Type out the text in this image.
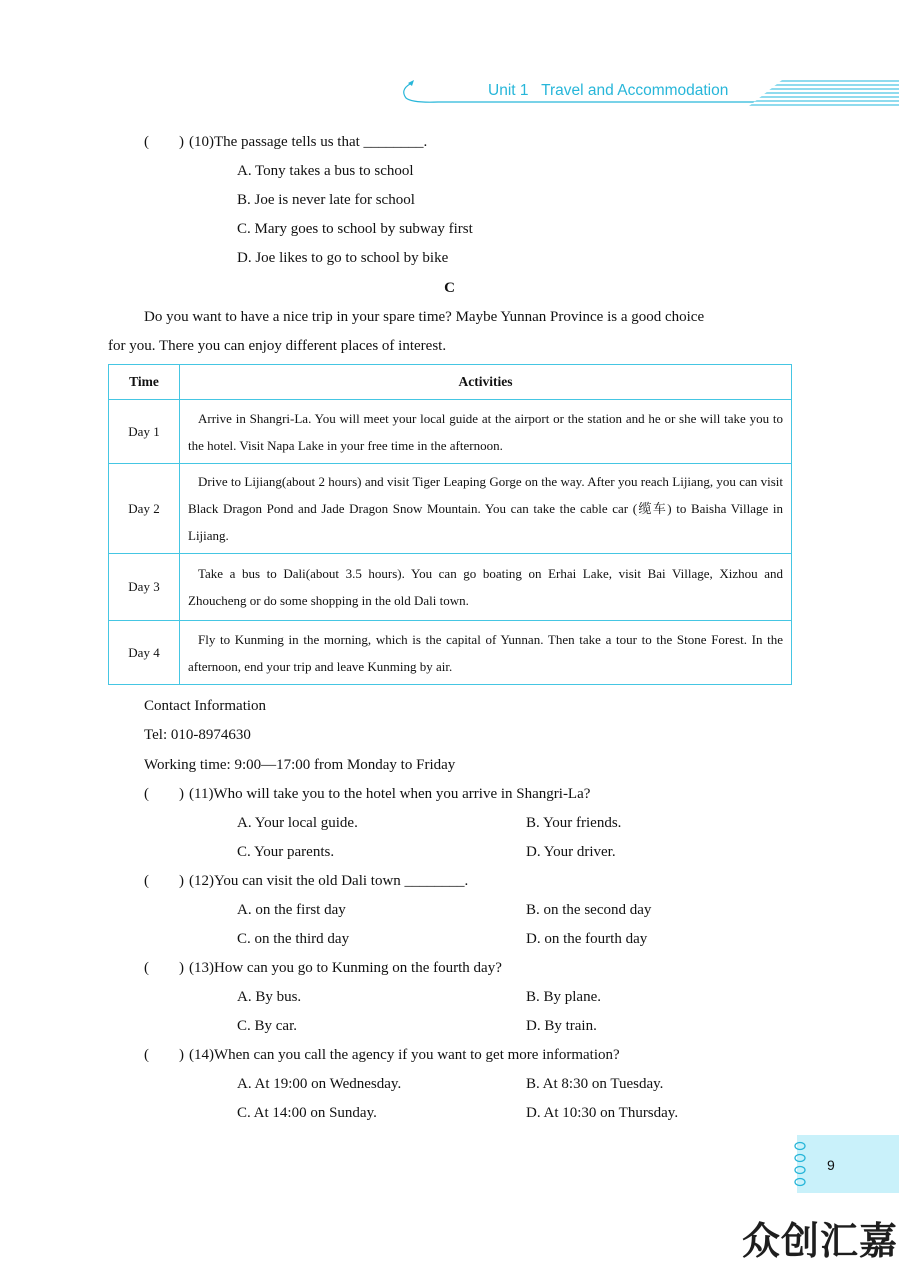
Unit 1   Travel and Accommodation
(        ) (10)The passage tells us that ________.
A. Tony takes a bus to school
B. Joe is never late for school
C. Mary goes to school by subway first
D. Joe likes to go to school by bike
C
Do you want to have a nice trip in your spare time? Maybe Yunnan Province is a good choice
for you. There you can enjoy different places of interest.
Time	Activities
Day 1	Arrive in Shangri-La. You will meet your local guide at the airport or the station and he or she will take you to the hotel. Visit Napa Lake in your free time in the afternoon.
Day 2	Drive to Lijiang(about 2 hours) and visit Tiger Leaping Gorge on the way. After you reach Lijiang, you can visit Black Dragon Pond and Jade Dragon Snow Mountain. You can take the cable car (缆车) to Baisha Village in Lijiang.
Day 3	Take a bus to Dali(about 3.5 hours). You can go boating on Erhai Lake, visit Bai Village, Xizhou and Zhoucheng or do some shopping in the old Dali town.
Day 4	Fly to Kunming in the morning, which is the capital of Yunnan. Then take a tour to the Stone Forest. In the afternoon, end your trip and leave Kunming by air.
Contact Information
Tel: 010-8974630
Working time: 9:00—17:00 from Monday to Friday
(        ) (11)Who will take you to the hotel when you arrive in Shangri-La?
A. Your local guide.	B. Your friends.
C. Your parents.	D. Your driver.
(        ) (12)You can visit the old Dali town ________.
A. on the first day	B. on the second day
C. on the third day	D. on the fourth day
(        ) (13)How can you go to Kunming on the fourth day?
A. By bus.	B. By plane.
C. By car.	D. By train.
(        ) (14)When can you call the agency if you want to get more information?
A. At 19:00 on Wednesday.	B. At 8:30 on Tuesday.
C. At 14:00 on Sunday.	D. At 10:30 on Thursday.
9
众创汇嘉
